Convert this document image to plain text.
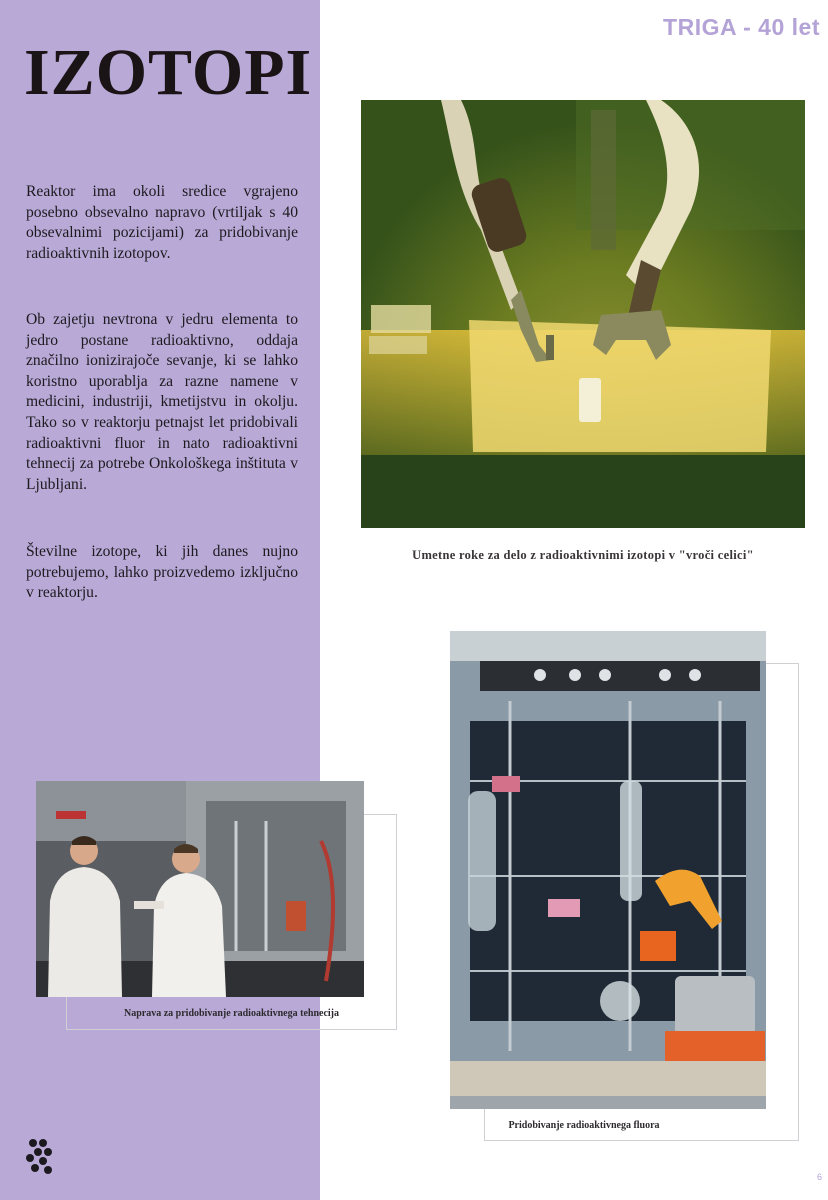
IZOTOPI

Reaktor ima okoli sredice vgrajeno posebno obsevalno napravo (vrtiljak s 40 obsevalnimi pozicijami) za pridobivanje radioaktivnih izotopov.

Ob zajetju nevtrona v jedru elementa to jedro postane radioaktivno, oddaja značilno ionizirajoče sevanje, ki se lahko koristno uporablja za razne namene v medicini, industriji, kmetijstvu in okolju. Tako so v reaktorju petnajst let pridobivali radioaktivni fluor in nato radioaktivni tehnecij za potrebe Onkološkega inštituta v Ljubljani.

Številne izotope, ki jih danes nujno potrebujemo, lahko proizvedemo izključno v reaktorju.

TRIGA - 40 let
Umetne roke za delo z radioaktivnimi izotopi v "vroči celici"
Naprava za pridobivanje radioaktivnega tehnecija
Pridobivanje radioaktivnega fluora
6
